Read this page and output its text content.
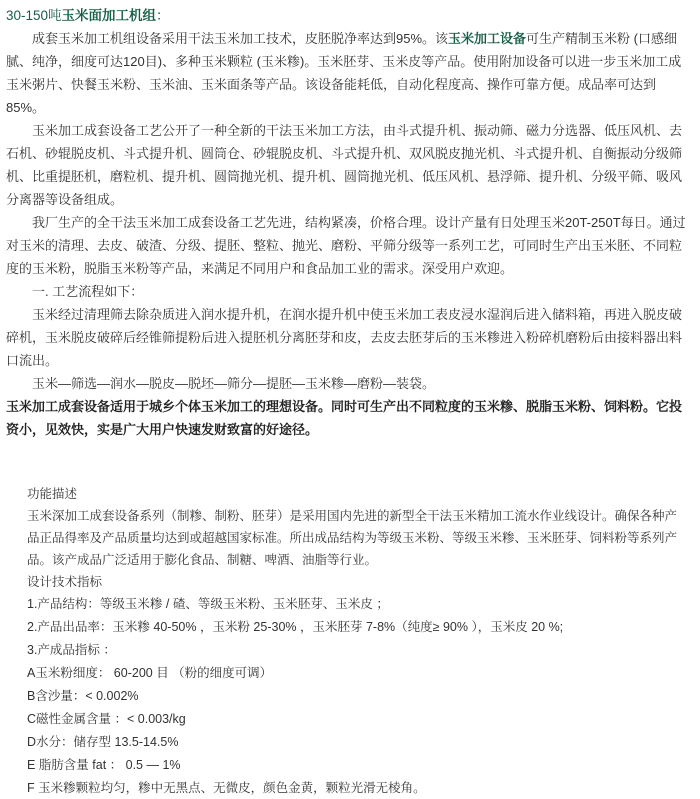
30-150吨玉米面加工机组：

成套玉米加工机组设备采用干法玉米加工技术，皮胚脱净率达到95%。该玉米加工设备可生产精制玉米粉 (口感细腻、纯净，细度可达120目)、多种玉米颗粒 (玉米糁)。玉米胚芽、玉米皮等产品。使用附加设备可以进一步玉米加工成玉米粥片、快餐玉米粉、玉米油、玉米面条等产品。该设备能耗低，自动化程度高、操作可靠方便。成品率可达到85%。

玉米加工成套设备工艺公开了一种全新的干法玉米加工方法，由斗式提升机、振动筛、磁力分选器、低压风机、去石机、砂辊脱皮机、斗式提升机、圆筒仓、砂辊脱皮机、斗式提升机、双风脱皮抛光机、斗式提升机、自衡振动分级筛机、比重提胚机，磨粒机、提升机、圆筒抛光机、提升机、圆筒抛光机、低压风机、悬浮筛、提升机、分级平筛、吸风分离器等设备组成。

我厂生产的全干法玉米加工成套设备工艺先进，结构紧凑，价格合理。设计产量有日处理玉米20T-250T每日。通过对玉米的清理、去皮、破渣、分级、提胚、整粒、抛光、磨粉、平筛分级等一系列工艺，可同时生产出玉米胚、不同粒度的玉米粉，脱脂玉米粉等产品，来满足不同用户和食品加工业的需求。深受用户欢迎。

一. 工艺流程如下：

玉米经过清理筛去除杂质进入润水提升机，在润水提升机中使玉米加工表皮浸水湿润后进入储料箱，再进入脱皮破碎机，玉米脱皮破碎后经锥筛提粉后进入提胚机分离胚芽和皮，去皮去胚芽后的玉米糁进入粉碎机磨粉后由接料器出料口流出。

玉米—筛选—润水—脱皮—脱坯—筛分—提胚—玉米糁—磨粉—装袋。

玉米加工成套设备适用于城乡个体玉米加工的理想设备。同时可生产出不同粒度的玉米糁、脱脂玉米粉、饲料粉。它投资小，见效快，实是广大用户快速发财致富的好途径。

功能描述

玉米深加工成套设备系列（制糁、制粉、胚芽）是采用国内先进的新型全干法玉米精加工流水作业线设计。确保各种产品正品得率及产品质量均达到或超越国家标准。所出成品结构为等级玉米粉、等级玉米糁、玉米胚芽、饲料粉等系列产品。该产成品广泛适用于膨化食品、制糖、啤酒、油脂等行业。

设计技术指标

1.产品结构：等级玉米糁 / 碴、等级玉米粉、玉米胚芽、玉米皮 ；

2.产品出品率：玉米糁 40-50% ，玉米粉 25-30% ，玉米胚芽 7-8%（纯度≥ 90% ），玉米皮 20 %;

3.产成品指标 ：

A玉米粉细度： 60-200 目 （粉的细度可调）

B含沙量：< 0.002%

C磁性金属含量 ：< 0.003/kg

D水分：储存型 13.5-14.5%

E 脂肪含量 fat ： 0.5 — 1%

F 玉米糁颗粒均匀，糁中无黑点、无微皮，颜色金黄，颗粒光滑无棱角。
